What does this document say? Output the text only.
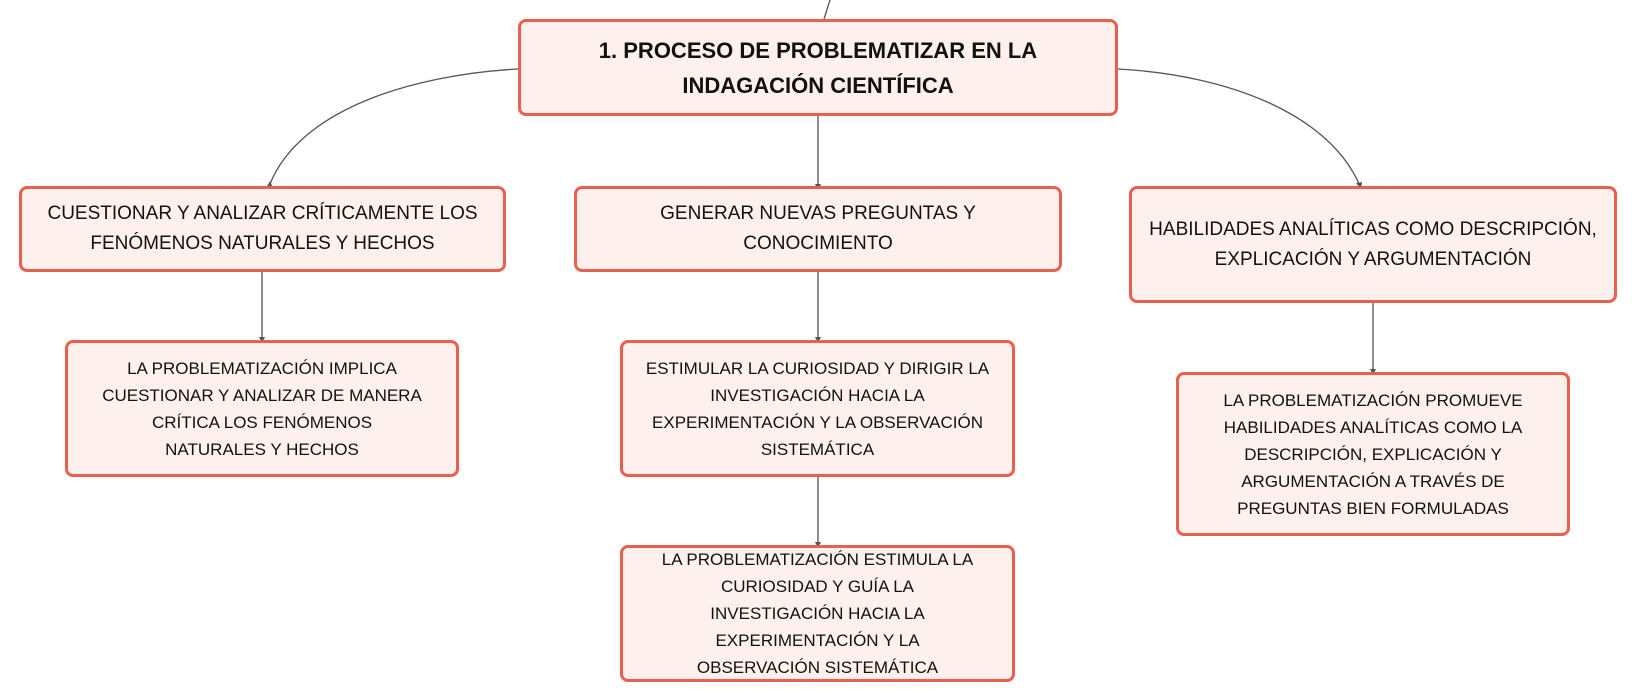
1. PROCESO DE PROBLEMATIZAR EN LA INDAGACIÓN CIENTÍFICA
CUESTIONAR Y ANALIZAR CRÍTICAMENTE LOS FENÓMENOS NATURALES Y HECHOS
GENERAR NUEVAS PREGUNTAS Y CONOCIMIENTO
HABILIDADES ANALÍTICAS COMO DESCRIPCIÓN, EXPLICACIÓN Y ARGUMENTACIÓN
LA PROBLEMATIZACIÓN IMPLICA CUESTIONAR Y ANALIZAR DE MANERA CRÍTICA LOS FENÓMENOS NATURALES Y HECHOS
ESTIMULAR LA CURIOSIDAD Y DIRIGIR LA INVESTIGACIÓN HACIA LA EXPERIMENTACIÓN Y LA OBSERVACIÓN SISTEMÁTICA
LA PROBLEMATIZACIÓN ESTIMULA LA CURIOSIDAD Y GUÍA LA INVESTIGACIÓN HACIA LA EXPERIMENTACIÓN Y LA OBSERVACIÓN SISTEMÁTICA
LA PROBLEMATIZACIÓN PROMUEVE HABILIDADES ANALÍTICAS COMO LA DESCRIPCIÓN, EXPLICACIÓN Y ARGUMENTACIÓN A TRAVÉS DE PREGUNTAS BIEN FORMULADAS
